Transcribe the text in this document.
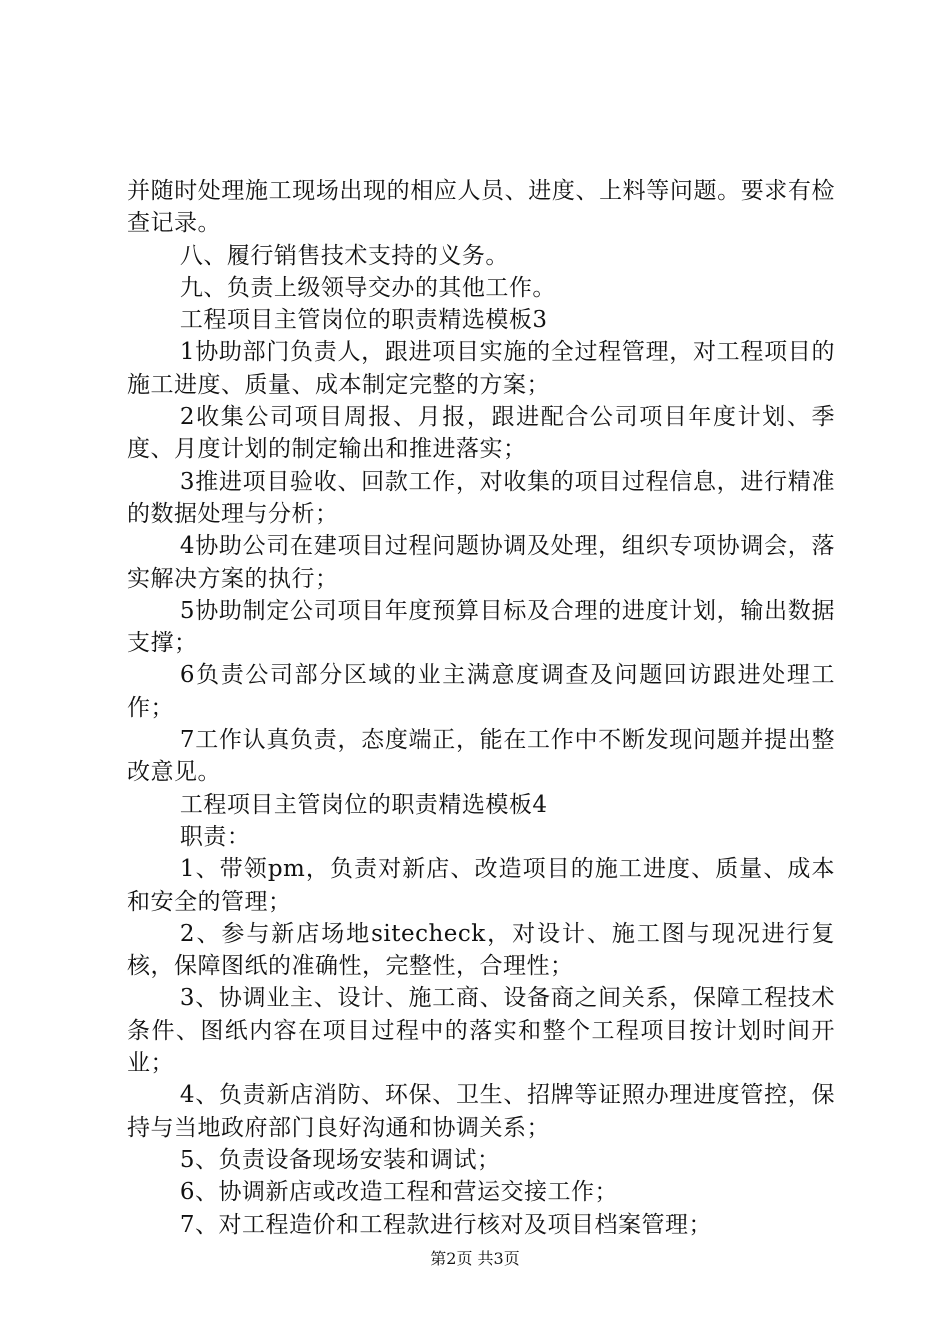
并随时处理施工现场出现的相应人员、进度、上料等问题。要求有检查记录。

八、履行销售技术支持的义务。

九、负责上级领导交办的其他工作。

工程项目主管岗位的职责精选模板3

1协助部门负责人，跟进项目实施的全过程管理，对工程项目的施工进度、质量、成本制定完整的方案；

2收集公司项目周报、月报，跟进配合公司项目年度计划、季度、月度计划的制定输出和推进落实；

3推进项目验收、回款工作，对收集的项目过程信息，进行精准的数据处理与分析；

4协助公司在建项目过程问题协调及处理，组织专项协调会，落实解决方案的执行；

5协助制定公司项目年度预算目标及合理的进度计划，输出数据支撑；

6负责公司部分区域的业主满意度调查及问题回访跟进处理工作；

7工作认真负责，态度端正，能在工作中不断发现问题并提出整改意见。

工程项目主管岗位的职责精选模板4

职责：

1、带领pm，负责对新店、改造项目的施工进度、质量、成本和安全的管理；

2、参与新店场地sitecheck，对设计、施工图与现况进行复核，保障图纸的准确性，完整性，合理性；

3、协调业主、设计、施工商、设备商之间关系，保障工程技术条件、图纸内容在项目过程中的落实和整个工程项目按计划时间开业；

4、负责新店消防、环保、卫生、招牌等证照办理进度管控，保持与当地政府部门良好沟通和协调关系；

5、负责设备现场安装和调试；

6、协调新店或改造工程和营运交接工作；

7、对工程造价和工程款进行核对及项目档案管理；

第2页 共3页
